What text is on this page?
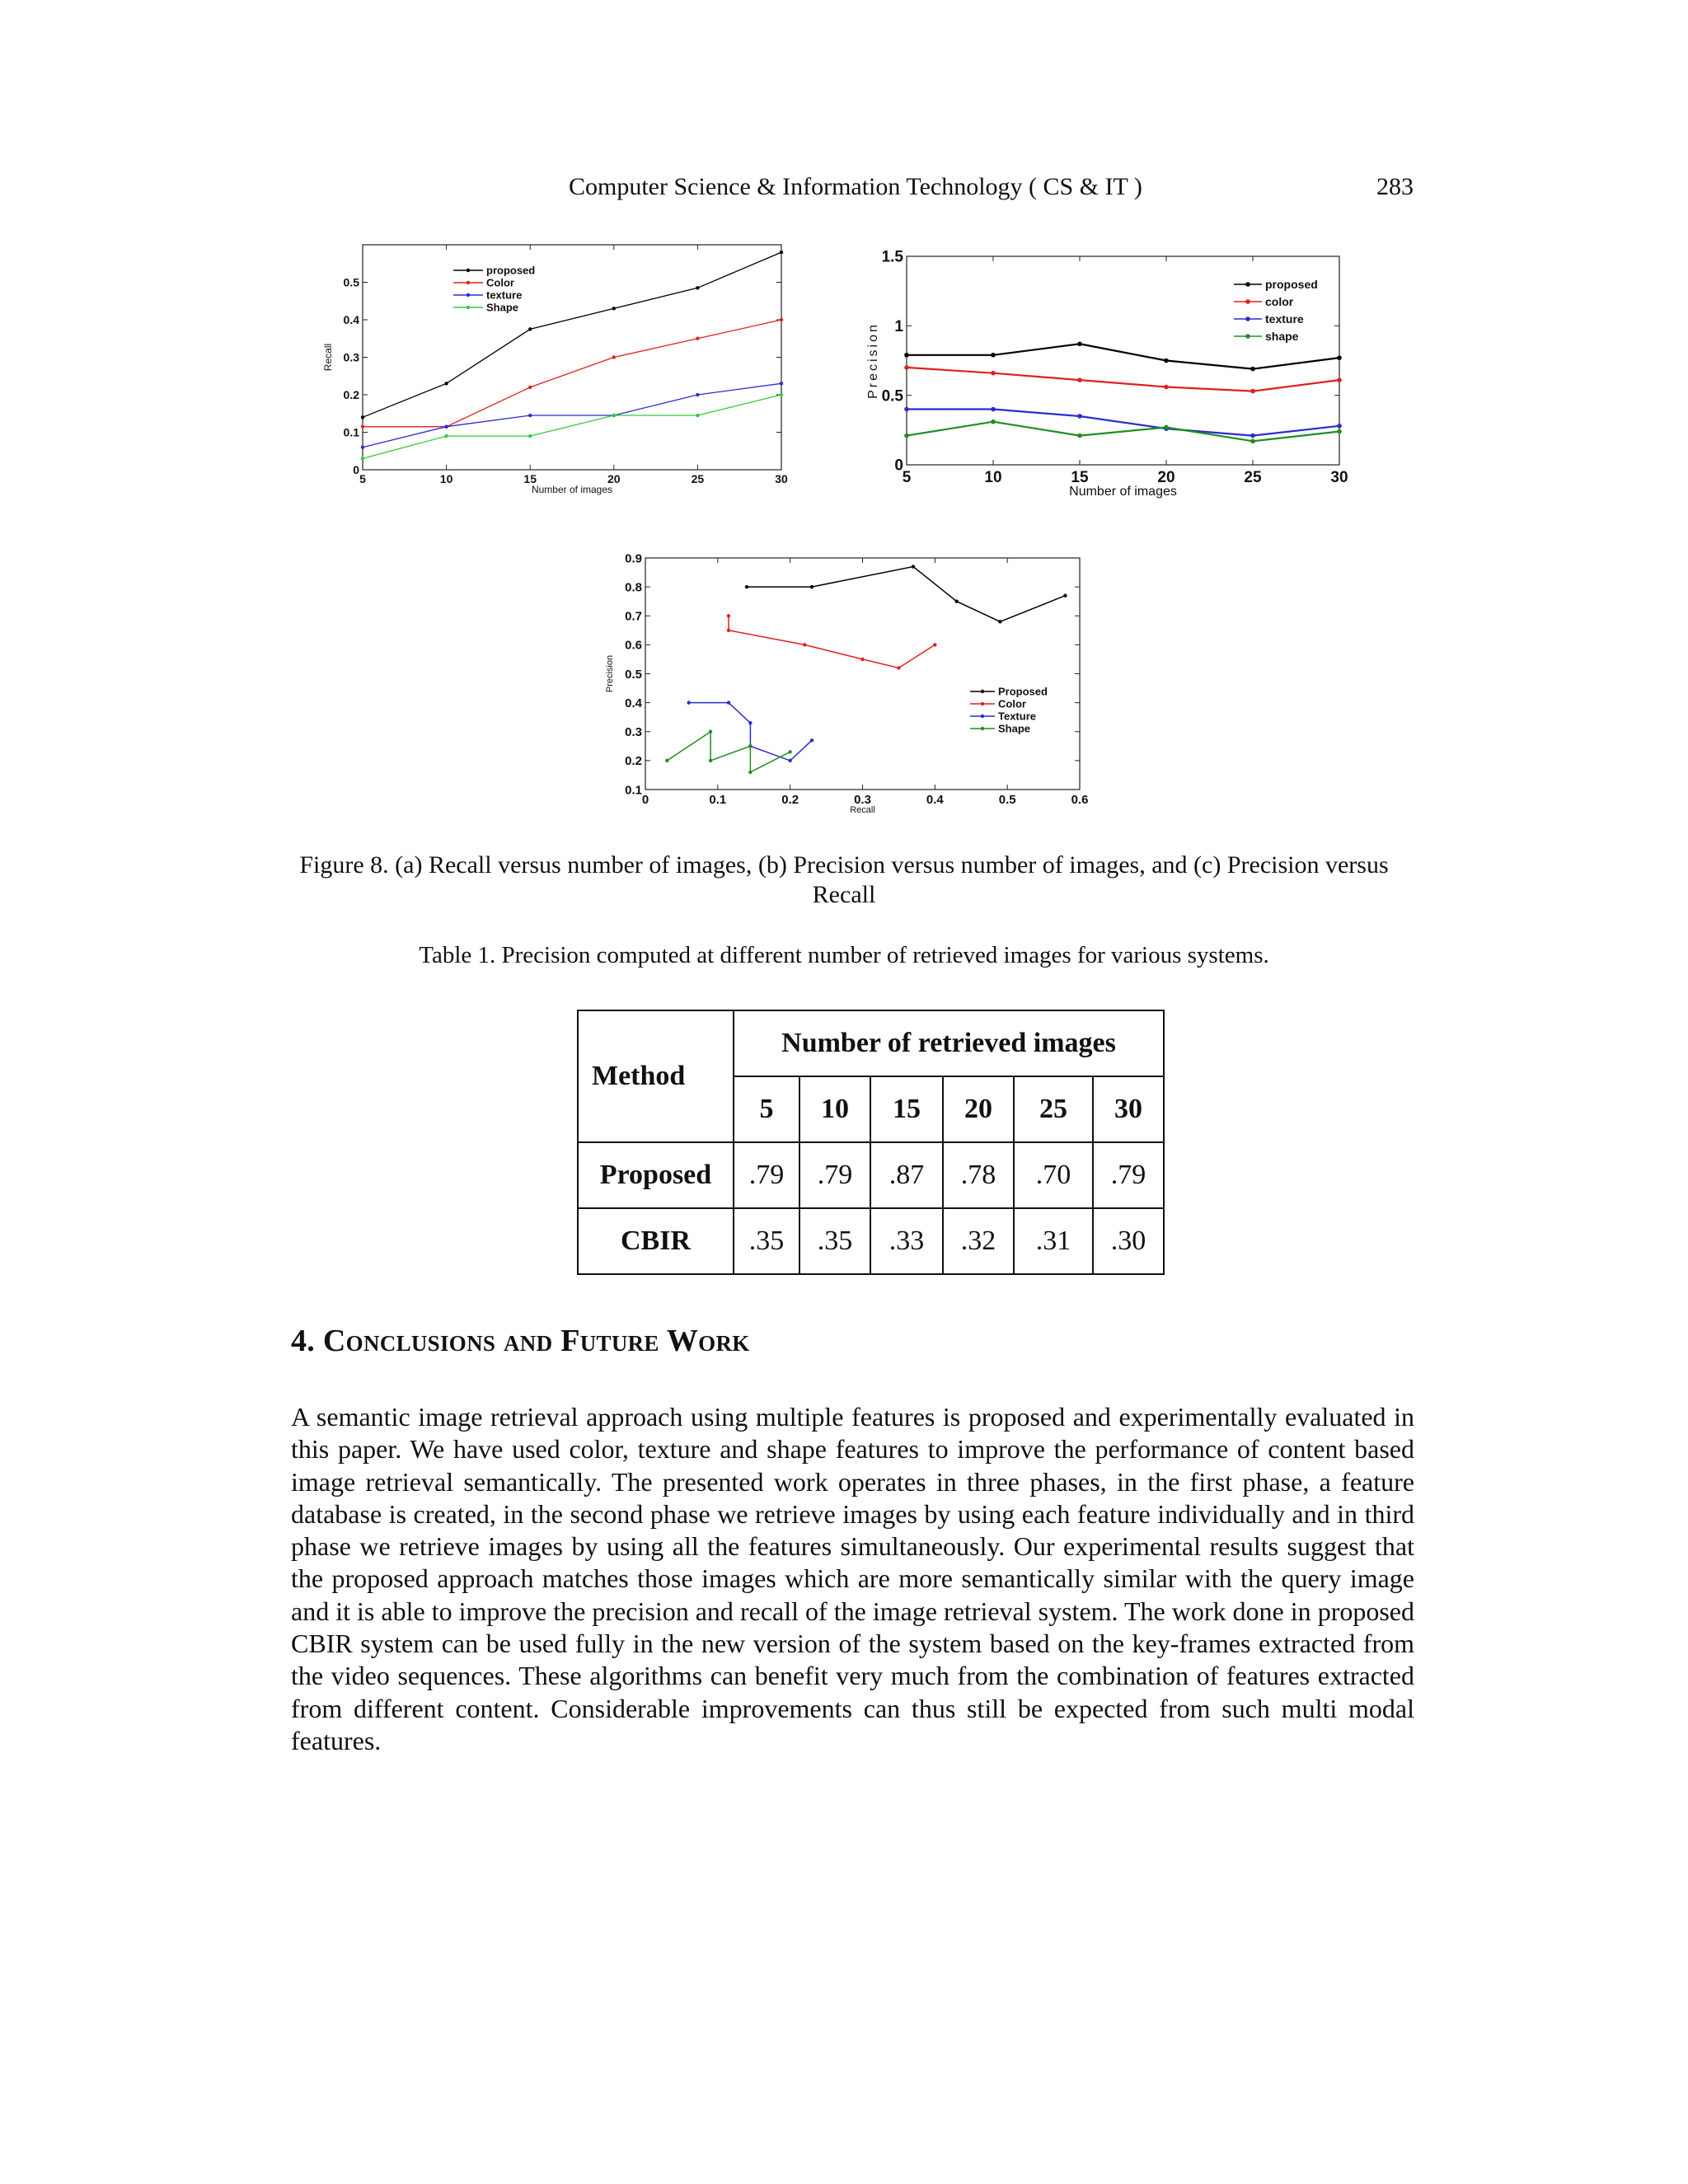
Computer Science & Information Technology ( CS & IT )	283
5	10	15	20	25	30
0
0.1
0.2
0.3
0.4
0.5
Number of images
Recall
proposed
Color
texture
Shape
5	10	15	20	25	30
0
0.5
1
1.5
Number of images
Precision
proposed
color
texture
shape
0	0.1	0.2	0.3	0.4	0.5	0.6
0.1
0.2
0.3
0.4
0.5
0.6
0.7
0.8
0.9
Recall
Precision	Proposed
Color
Texture
Shape
Figure 8. (a) Recall versus number of images, (b) Precision versus number of images, and (c) Precision versus Recall
Table 1. Precision computed at different number of retrieved images for various systems.
Method	Number of retrieved images					
	5	10	15	20	25	30
Proposed	.79	.79	.87	.78	.70	.79
CBIR	.35	.35	.33	.32	.31	.30
4. Conclusions and Future Work
A semantic image retrieval approach using multiple features is proposed and experimentally evaluated in this paper. We have used color, texture and shape features to improve the performance of content based image retrieval semantically. The presented work operates in three phases, in the first phase, a feature database is created, in the second phase we retrieve images by using each feature individually and in third phase we retrieve images by using all the features simultaneously. Our experimental results suggest that the proposed approach matches those images which are more semantically similar with the query image and it is able to improve the precision and recall of the image retrieval system. The work done in proposed CBIR system can be used fully in the new version of the system based on the key-frames extracted from the video sequences. These algorithms can benefit very much from the combination of features extracted from different content. Considerable improvements can thus still be expected from such multi modal features.
